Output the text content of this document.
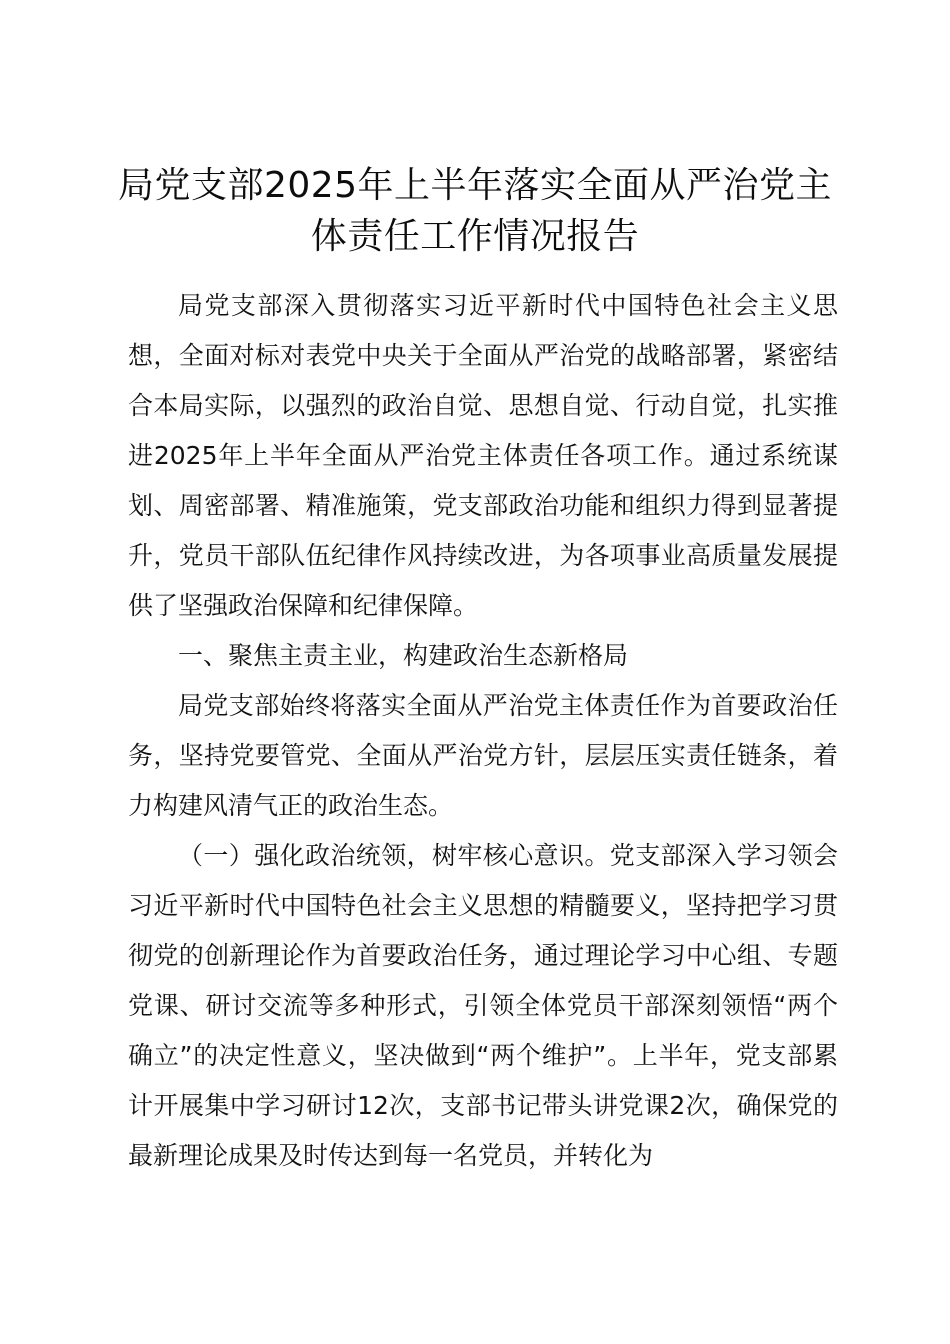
局党支部2025年上半年落实全面从严治党主体责任工作情况报告

局党支部深入贯彻落实习近平新时代中国特色社会主义思想，全面对标对表党中央关于全面从严治党的战略部署，紧密结合本局实际，以强烈的政治自觉、思想自觉、行动自觉，扎实推进2025年上半年全面从严治党主体责任各项工作。通过系统谋划、周密部署、精准施策，党支部政治功能和组织力得到显著提升，党员干部队伍纪律作风持续改进，为各项事业高质量发展提供了坚强政治保障和纪律保障。

一、聚焦主责主业，构建政治生态新格局

局党支部始终将落实全面从严治党主体责任作为首要政治任务，坚持党要管党、全面从严治党方针，层层压实责任链条，着力构建风清气正的政治生态。

（一）强化政治统领，树牢核心意识。党支部深入学习领会习近平新时代中国特色社会主义思想的精髓要义，坚持把学习贯彻党的创新理论作为首要政治任务，通过理论学习中心组、专题党课、研讨交流等多种形式，引领全体党员干部深刻领悟“两个确立”的决定性意义，坚决做到“两个维护”。上半年，党支部累计开展集中学习研讨12次，支部书记带头讲党课2次，确保党的最新理论成果及时传达到每一名党员，并转化为
